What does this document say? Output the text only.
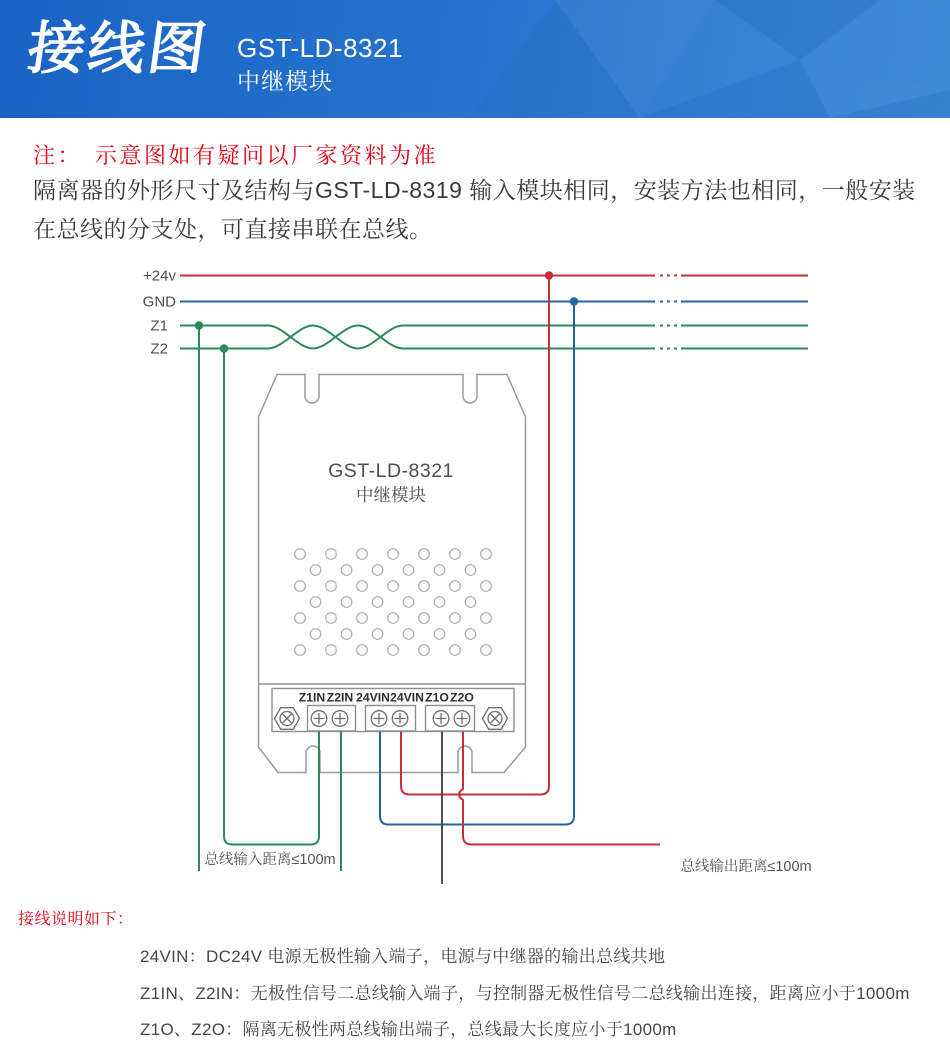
接线图 GST-LD-8321
中继模块
注： 示意图如有疑问以厂家资料为准
隔离器的外形尺寸及结构与GST-LD-8319 输入模块相同，安装方法也相同，一般安装
在总线的分支处，可直接串联在总线。
+24v
GND
Z1
Z2
GST-LD-8321
中继模块
Z1IN Z2IN 24VIN 24VIN Z1O Z2O
总线输入距离≤100m	总线输出距离≤100m
接线说明如下：
24VIN：DC24V 电源无极性输入端子，电源与中继器的输出总线共地
Z1IN、Z2IN：无极性信号二总线输入端子，与控制器无极性信号二总线输出连接，距离应小于1000m
Z1O、Z2O：隔离无极性两总线输出端子，总线最大长度应小于1000m
